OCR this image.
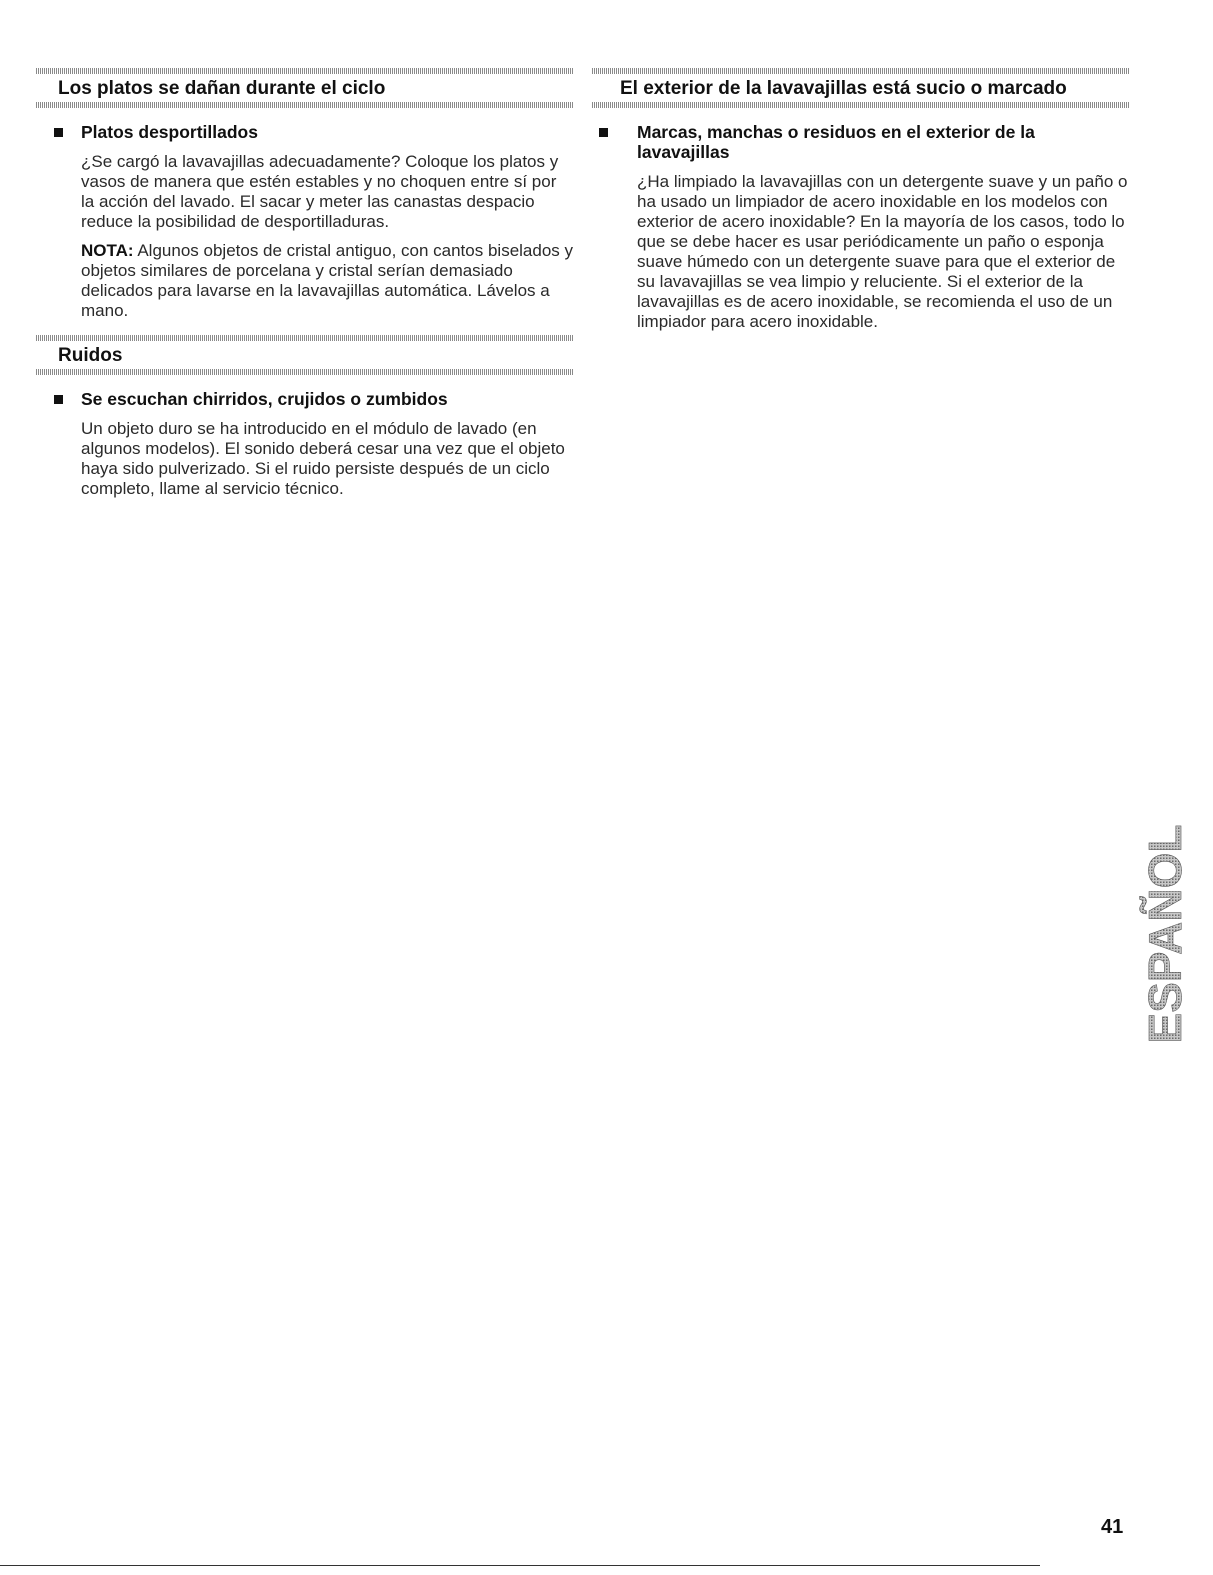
Los platos se dañan durante el ciclo
Platos desportillados

¿Se cargó la lavavajillas adecuadamente? Coloque los platos y vasos de manera que estén estables y no choquen entre sí por la acción del lavado. El sacar y meter las canastas despacio reduce la posibilidad de desportilladuras.

NOTA: Algunos objetos de cristal antiguo, con cantos biselados y objetos similares de porcelana y cristal serían demasiado delicados para lavarse en la lavavajillas automática. Lávelos a mano.

Ruidos
Se escuchan chirridos, crujidos o zumbidos

Un objeto duro se ha introducido en el módulo de lavado (en algunos modelos). El sonido deberá cesar una vez que el objeto haya sido pulverizado. Si el ruido persiste después de un ciclo completo, llame al servicio técnico.

El exterior de la lavavajillas está sucio o marcado
Marcas, manchas o residuos en el exterior de la lavavajillas

¿Ha limpiado la lavavajillas con un detergente suave y un paño o ha usado un limpiador de acero inoxidable en los modelos con exterior de acero inoxidable? En la mayoría de los casos, todo lo que se debe hacer es usar periódicamente un paño o esponja suave húmedo con un detergente suave para que el exterior de su lavavajillas se vea limpio y reluciente. Si el exterior de la lavavajillas es de acero inoxidable, se recomienda el uso de un limpiador para acero inoxidable.

ESPAÑOL
41
